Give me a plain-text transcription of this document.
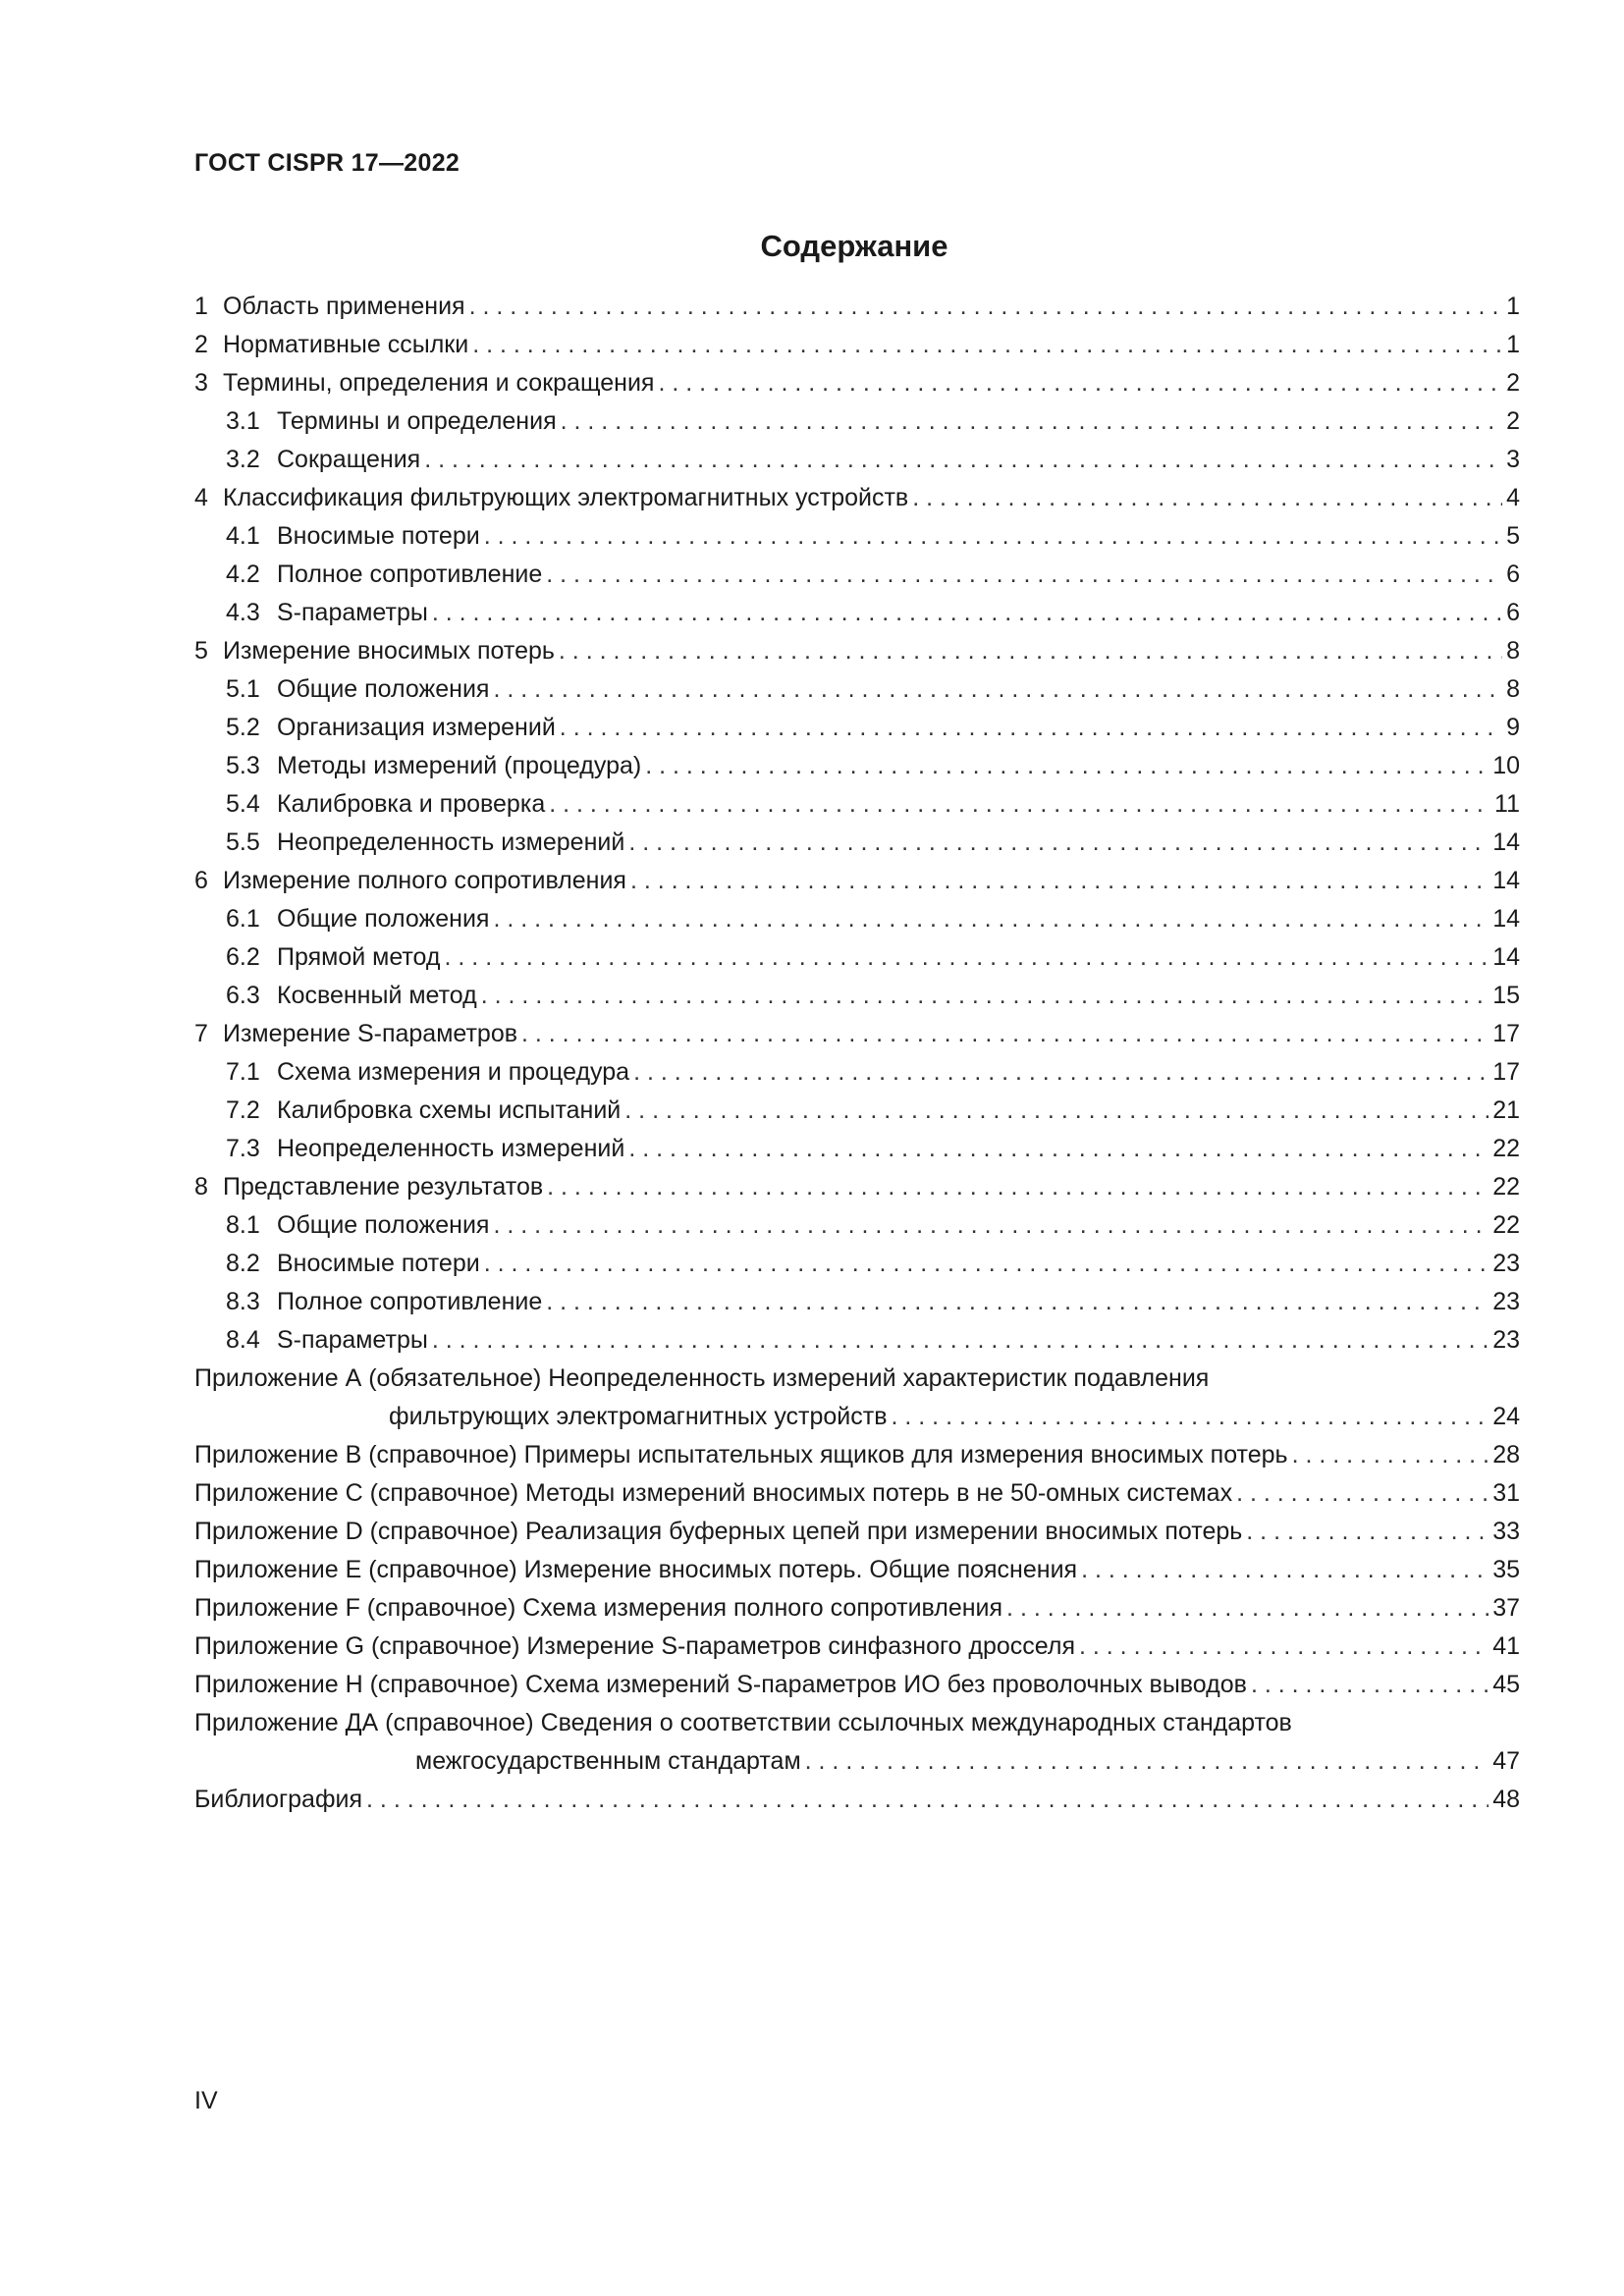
ГОСТ CISPR 17—2022
Содержание
1 Область применения . . .	1
2 Нормативные ссылки . . .	1
3 Термины, определения и сокращения . . .	2
3.1 Термины и определения . . .	2
3.2 Сокращения . . .	3
4 Классификация фильтрующих электромагнитных устройств . . .	4
4.1 Вносимые потери . . .	5
4.2 Полное сопротивление . . .	6
4.3 S-параметры . . .	6
5 Измерение вносимых потерь . . .	8
5.1 Общие положения . . .	8
5.2 Организация измерений . . .	9
5.3 Методы измерений (процедура) . . .	10
5.4 Калибровка и проверка . . .	11
5.5 Неопределенность измерений . . .	14
6 Измерение полного сопротивления . . .	14
6.1 Общие положения . . .	14
6.2 Прямой метод . . .	14
6.3 Косвенный метод . . .	15
7 Измерение S-параметров . . .	17
7.1 Схема измерения и процедура . . .	17
7.2 Калибровка схемы испытаний . . .	21
7.3 Неопределенность измерений . . .	22
8 Представление результатов . . .	22
8.1 Общие положения . . .	22
8.2 Вносимые потери . . .	23
8.3 Полное сопротивление . . .	23
8.4 S-параметры . . .	23
Приложение А (обязательное) Неопределенность измерений характеристик подавления
фильтрующих электромагнитных устройств . . .	24
Приложение В (справочное) Примеры испытательных ящиков для измерения вносимых потерь . . .	28
Приложение С (справочное) Методы измерений вносимых потерь в не 50-омных системах . . .	31
Приложение D (справочное) Реализация буферных цепей при измерении вносимых потерь . . .	33
Приложение Е (справочное) Измерение вносимых потерь. Общие пояснения . . .	35
Приложение F (справочное) Схема измерения полного сопротивления . . .	37
Приложение G (справочное) Измерение S-параметров синфазного дросселя . . .	41
Приложение Н (справочное) Схема измерений S-параметров ИО без проволочных выводов . . .	45
Приложение ДА (справочное) Сведения о соответствии ссылочных международных стандартов
межгосударственным стандартам . . .	47
Библиография . . .	48
IV
